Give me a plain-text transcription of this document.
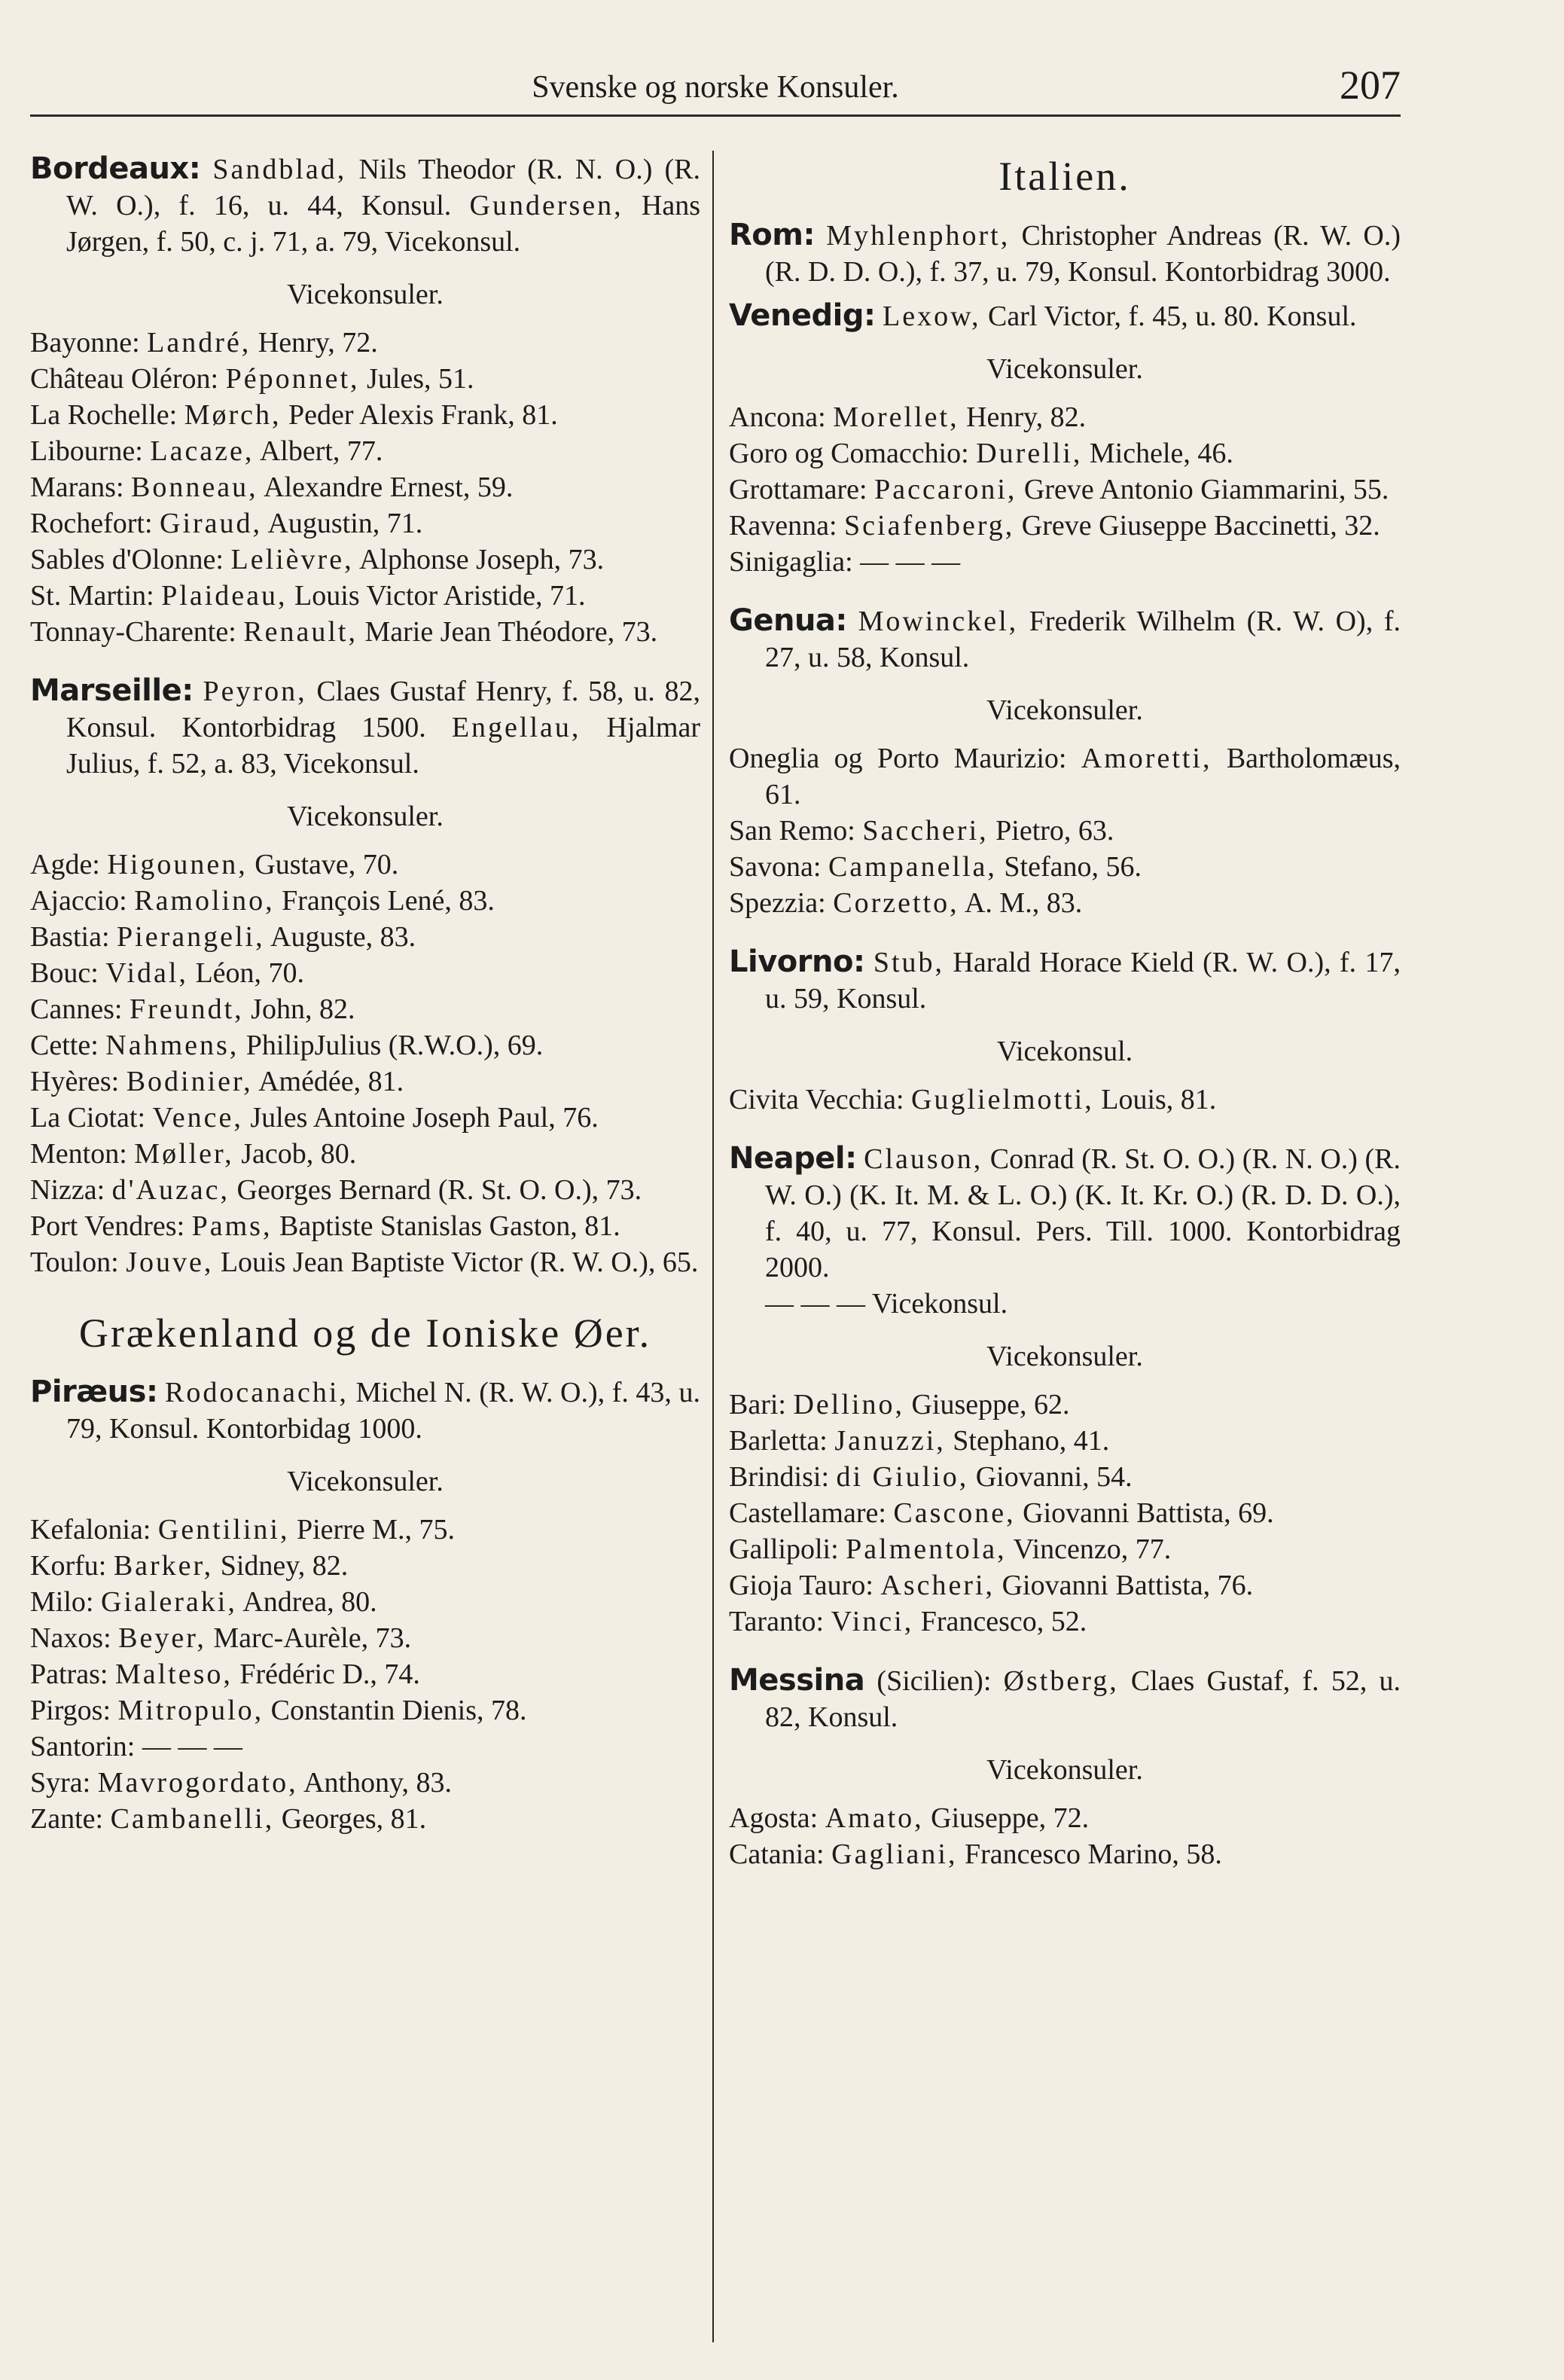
Svenske og norske Konsuler.	207
Bordeaux: Sandblad, Nils Theodor (R. N. O.) (R. W. O.), f. 16, u. 44, Konsul. Gundersen, Hans Jørgen, f. 50, c. j. 71, a. 79, Vicekonsul.
Vicekonsuler.
Bayonne: Landré, Henry, 72.
Château Oléron: Péponnet, Jules, 51.
La Rochelle: Mørch, Peder Alexis Frank, 81.
Libourne: Lacaze, Albert, 77.
Marans: Bonneau, Alexandre Ernest, 59.
Rochefort: Giraud, Augustin, 71.
Sables d'Olonne: Lelièvre, Alphonse Joseph, 73.
St. Martin: Plaideau, Louis Victor Aristide, 71.
Tonnay-Charente: Renault, Marie Jean Théodore, 73.
Marseille: Peyron, Claes Gustaf Henry, f. 58, u. 82, Konsul. Kontorbidrag 1500. Engellau, Hjalmar Julius, f. 52, a. 83, Vicekonsul.
Vicekonsuler.
Agde: Higounen, Gustave, 70.
Ajaccio: Ramolino, François Lené, 83.
Bastia: Pierangeli, Auguste, 83.
Bouc: Vidal, Léon, 70.
Cannes: Freundt, John, 82.
Cette: Nahmens, PhilipJulius (R.W.O.), 69.
Hyères: Bodinier, Amédée, 81.
La Ciotat: Vence, Jules Antoine Joseph Paul, 76.
Menton: Møller, Jacob, 80.
Nizza: d'Auzac, Georges Bernard (R. St. O. O.), 73.
Port Vendres: Pams, Baptiste Stanislas Gaston, 81.
Toulon: Jouve, Louis Jean Baptiste Victor (R. W. O.), 65.
Grækenland og de Ioniske Øer.
Piræus: Rodocanachi, Michel N. (R. W. O.), f. 43, u. 79, Konsul. Kontorbidag 1000.
Vicekonsuler.
Kefalonia: Gentilini, Pierre M., 75.
Korfu: Barker, Sidney, 82.
Milo: Gialeraki, Andrea, 80.
Naxos: Beyer, Marc-Aurèle, 73.
Patras: Malteso, Frédéric D., 74.
Pirgos: Mitropulo, Constantin Dienis, 78.
Santorin: — — —
Syra: Mavrogordato, Anthony, 83.
Zante: Cambanelli, Georges, 81.
Italien.
Rom: Myhlenphort, Christopher Andreas (R. W. O.) (R. D. D. O.), f. 37, u. 79, Konsul. Kontorbidrag 3000.
Venedig: Lexow, Carl Victor, f. 45, u. 80. Konsul.
Vicekonsuler.
Ancona: Morellet, Henry, 82.
Goro og Comacchio: Durelli, Michele, 46.
Grottamare: Paccaroni, Greve Antonio Giammarini, 55.
Ravenna: Sciafenberg, Greve Giuseppe Baccinetti, 32.
Sinigaglia: — — —
Genua: Mowinckel, Frederik Wilhelm (R. W. O), f. 27, u. 58, Konsul.
Vicekonsuler.
Oneglia og Porto Maurizio: Amoretti, Bartholomæus, 61.
San Remo: Saccheri, Pietro, 63.
Savona: Campanella, Stefano, 56.
Spezzia: Corzetto, A. M., 83.
Livorno: Stub, Harald Horace Kield (R. W. O.), f. 17, u. 59, Konsul.
Vicekonsul.
Civita Vecchia: Guglielmotti, Louis, 81.
Neapel: Clauson, Conrad (R. St. O. O.) (R. N. O.) (R. W. O.) (K. It. M. & L. O.) (K. It. Kr. O.) (R. D. D. O.), f. 40, u. 77, Konsul. Pers. Till. 1000. Kontorbidrag 2000.
— — — Vicekonsul.
Vicekonsuler.
Bari: Dellino, Giuseppe, 62.
Barletta: Januzzi, Stephano, 41.
Brindisi: di Giulio, Giovanni, 54.
Castellamare: Cascone, Giovanni Battista, 69.
Gallipoli: Palmentola, Vincenzo, 77.
Gioja Tauro: Ascheri, Giovanni Battista, 76.
Taranto: Vinci, Francesco, 52.
Messina (Sicilien): Østberg, Claes Gustaf, f. 52, u. 82, Konsul.
Vicekonsuler.
Agosta: Amato, Giuseppe, 72.
Catania: Gagliani, Francesco Marino, 58.
